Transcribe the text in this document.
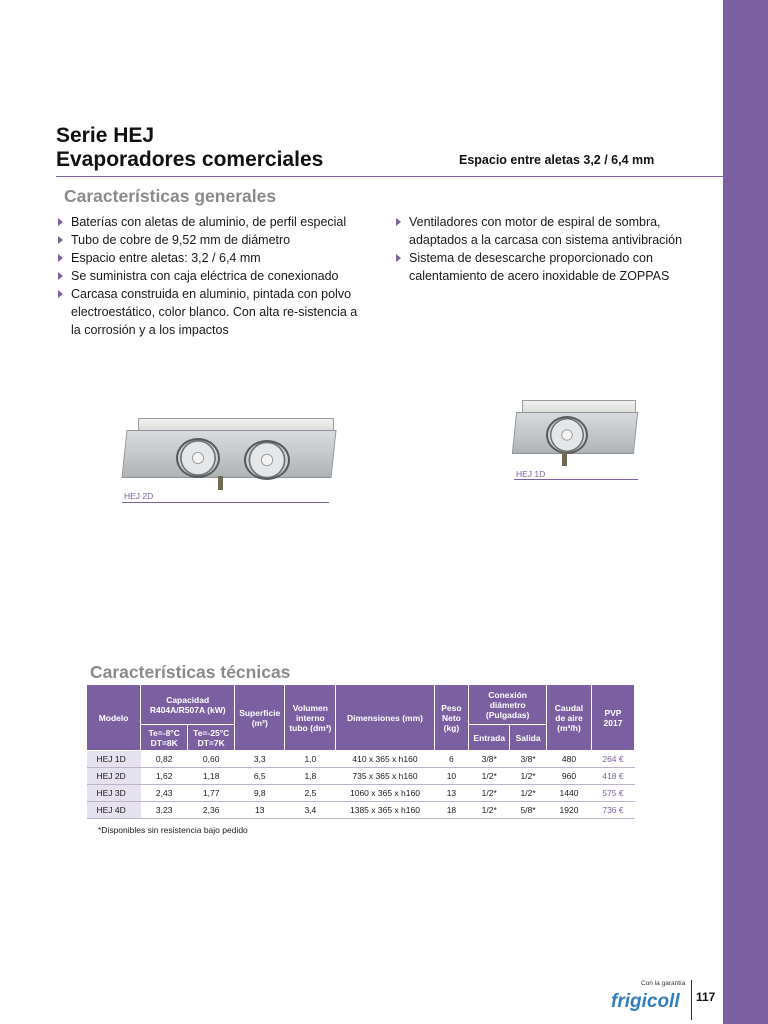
Serie HEJ
Evaporadores comerciales	Espacio entre aletas 3,2 / 6,4 mm
Características generales
Baterías con aletas de aluminio, de perfil especial
Tubo de cobre de 9,52 mm de diámetro
Espacio entre aletas: 3,2 / 6,4 mm
Se suministra con caja eléctrica de conexionado
Carcasa construida en aluminio, pintada con polvo electroestático, color blanco. Con alta re-sistencia a la corrosión y a los impactos
Ventiladores con motor de espiral de sombra, adaptados a la carcasa con sistema antivibración
Sistema de desescarche proporcionado con calentamiento de acero inoxidable de ZOPPAS
HEJ 2D
HEJ 1D
Características técnicas
Modelo	Capacidad R404A/R507A (kW)		Superficie (m²)	Volumen interno tubo (dm³)	Dimensiones (mm)	Peso Neto (kg)	Conexión diámetro (Pulgadas)		Caudal de aire (m³/h)	PVP 2017
	Te=-8°C DT=8K	Te=-25°C DT=7K					Entrada	Salida		
HEJ 1D	0,82	0,60	3,3	1,0	410 x 365 x h160	6	3/8*	3/8*	480	264 €
HEJ 2D	1,62	1,18	6,5	1,8	735 x 365 x h160	10	1/2*	1/2*	960	418 €
HEJ 3D	2,43	1,77	9,8	2,5	1060 x 365 x h160	13	1/2*	1/2*	1440	575 €
HEJ 4D	3,23	2,36	13	3,4	1385 x 365 x h160	18	1/2*	5/8*	1920	736 €
*Disponibles sin resistencia bajo pedido
Con la garantía
frigicoll 117
